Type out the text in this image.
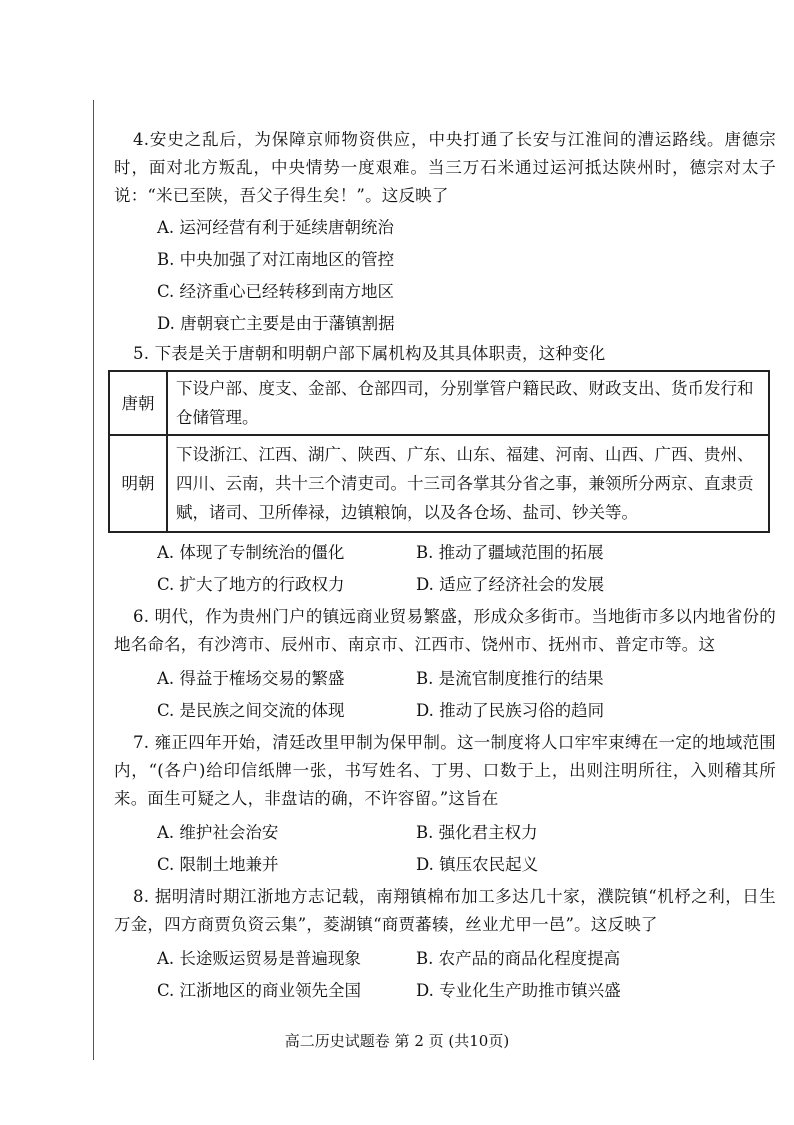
4.安史之乱后，为保障京师物资供应，中央打通了长安与江淮间的漕运路线。唐德宗时，面对北方叛乱，中央情势一度艰难。当三万石米通过运河抵达陕州时，德宗对太子说：“米已至陕，吾父子得生矣！”。这反映了

A. 运河经营有利于延续唐朝统治

B. 中央加强了对江南地区的管控

C. 经济重心已经转移到南方地区

D. 唐朝衰亡主要是由于藩镇割据

5. 下表是关于唐朝和明朝户部下属机构及其具体职责，这种变化

唐朝	下设户部、度支、金部、仓部四司，分别掌管户籍民政、财政支出、货币发行和仓储管理。
明朝	下设浙江、江西、湖广、陕西、广东、山东、福建、河南、山西、广西、贵州、四川、云南，共十三个清吏司。十三司各掌其分省之事，兼领所分两京、直隶贡赋，诸司、卫所俸禄，边镇粮饷，以及各仓场、盐司、钞关等。
A. 体现了专制统治的僵化	B. 推动了疆域范围的拓展
C. 扩大了地方的行政权力	D. 适应了经济社会的发展

6. 明代，作为贵州门户的镇远商业贸易繁盛，形成众多街市。当地街市多以内地省份的地名命名，有沙湾市、辰州市、南京市、江西市、饶州市、抚州市、普定市等。这

A. 得益于榷场交易的繁盛	B. 是流官制度推行的结果
C. 是民族之间交流的体现	D. 推动了民族习俗的趋同

7. 雍正四年开始，清廷改里甲制为保甲制。这一制度将人口牢牢束缚在一定的地域范围内，“(各户)给印信纸牌一张，书写姓名、丁男、口数于上，出则注明所往，入则稽其所来。面生可疑之人，非盘诘的确，不许容留。”这旨在

A. 维护社会治安	B. 强化君主权力
C. 限制土地兼并	D. 镇压农民起义

8. 据明清时期江浙地方志记载，南翔镇棉布加工多达几十家，濮院镇“机杼之利，日生万金，四方商贾负资云集”，菱湖镇“商贾蕃辏，丝业尤甲一邑”。这反映了

A. 长途贩运贸易是普遍现象	B. 农产品的商品化程度提高
C. 江浙地区的商业领先全国	D. 专业化生产助推市镇兴盛
高二历史试题卷 第 2 页 (共10页)
